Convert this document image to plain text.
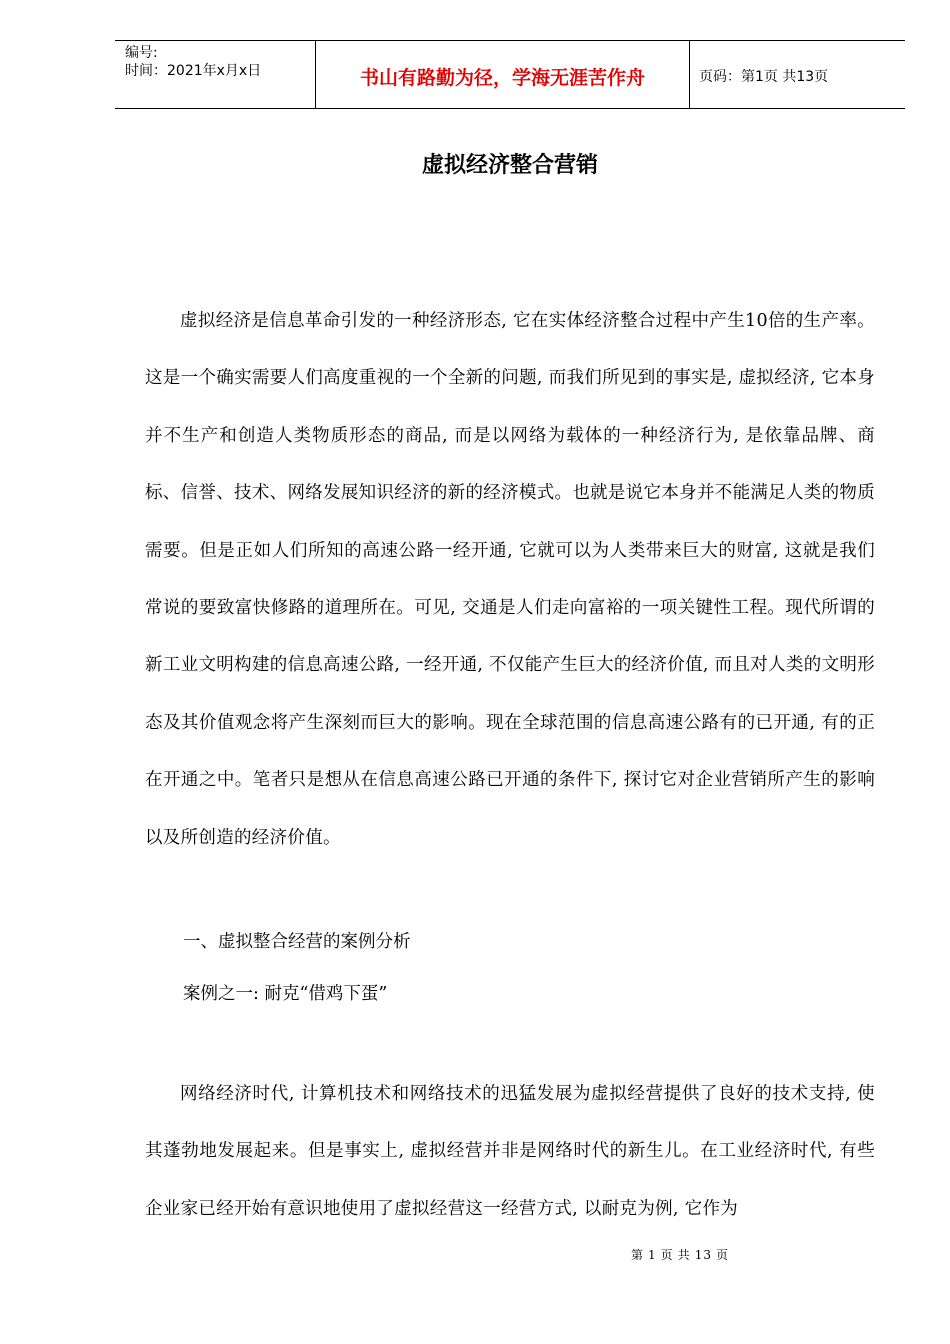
编号:
时间：2021年x月x日	书山有路勤为径，学海无涯苦作舟	页码：第1页 共13页
虚拟经济整合营销

虚拟经济是信息革命引发的一种经济形态, 它在实体经济整合过程中产生10倍的生产率。这是一个确实需要人们高度重视的一个全新的问题, 而我们所见到的事实是, 虚拟经济, 它本身并不生产和创造人类物质形态的商品, 而是以网络为载体的一种经济行为, 是依靠品牌、商标、信誉、技术、网络发展知识经济的新的经济模式。也就是说它本身并不能满足人类的物质需要。但是正如人们所知的高速公路一经开通, 它就可以为人类带来巨大的财富, 这就是我们常说的要致富快修路的道理所在。可见, 交通是人们走向富裕的一项关键性工程。现代所谓的新工业文明构建的信息高速公路, 一经开通, 不仅能产生巨大的经济价值, 而且对人类的文明形态及其价值观念将产生深刻而巨大的影响。现在全球范围的信息高速公路有的已开通, 有的正在开通之中。笔者只是想从在信息高速公路已开通的条件下, 探讨它对企业营销所产生的影响以及所创造的经济价值。

一、虚拟整合经营的案例分析
案例之一: 耐克“借鸡下蛋”

网络经济时代, 计算机技术和网络技术的迅猛发展为虚拟经营提供了良好的技术支持, 使其蓬勃地发展起来。但是事实上, 虚拟经营并非是网络时代的新生儿。在工业经济时代, 有些企业家已经开始有意识地使用了虚拟经营这一经营方式, 以耐克为例, 它作为

第 1 页 共 13 页
